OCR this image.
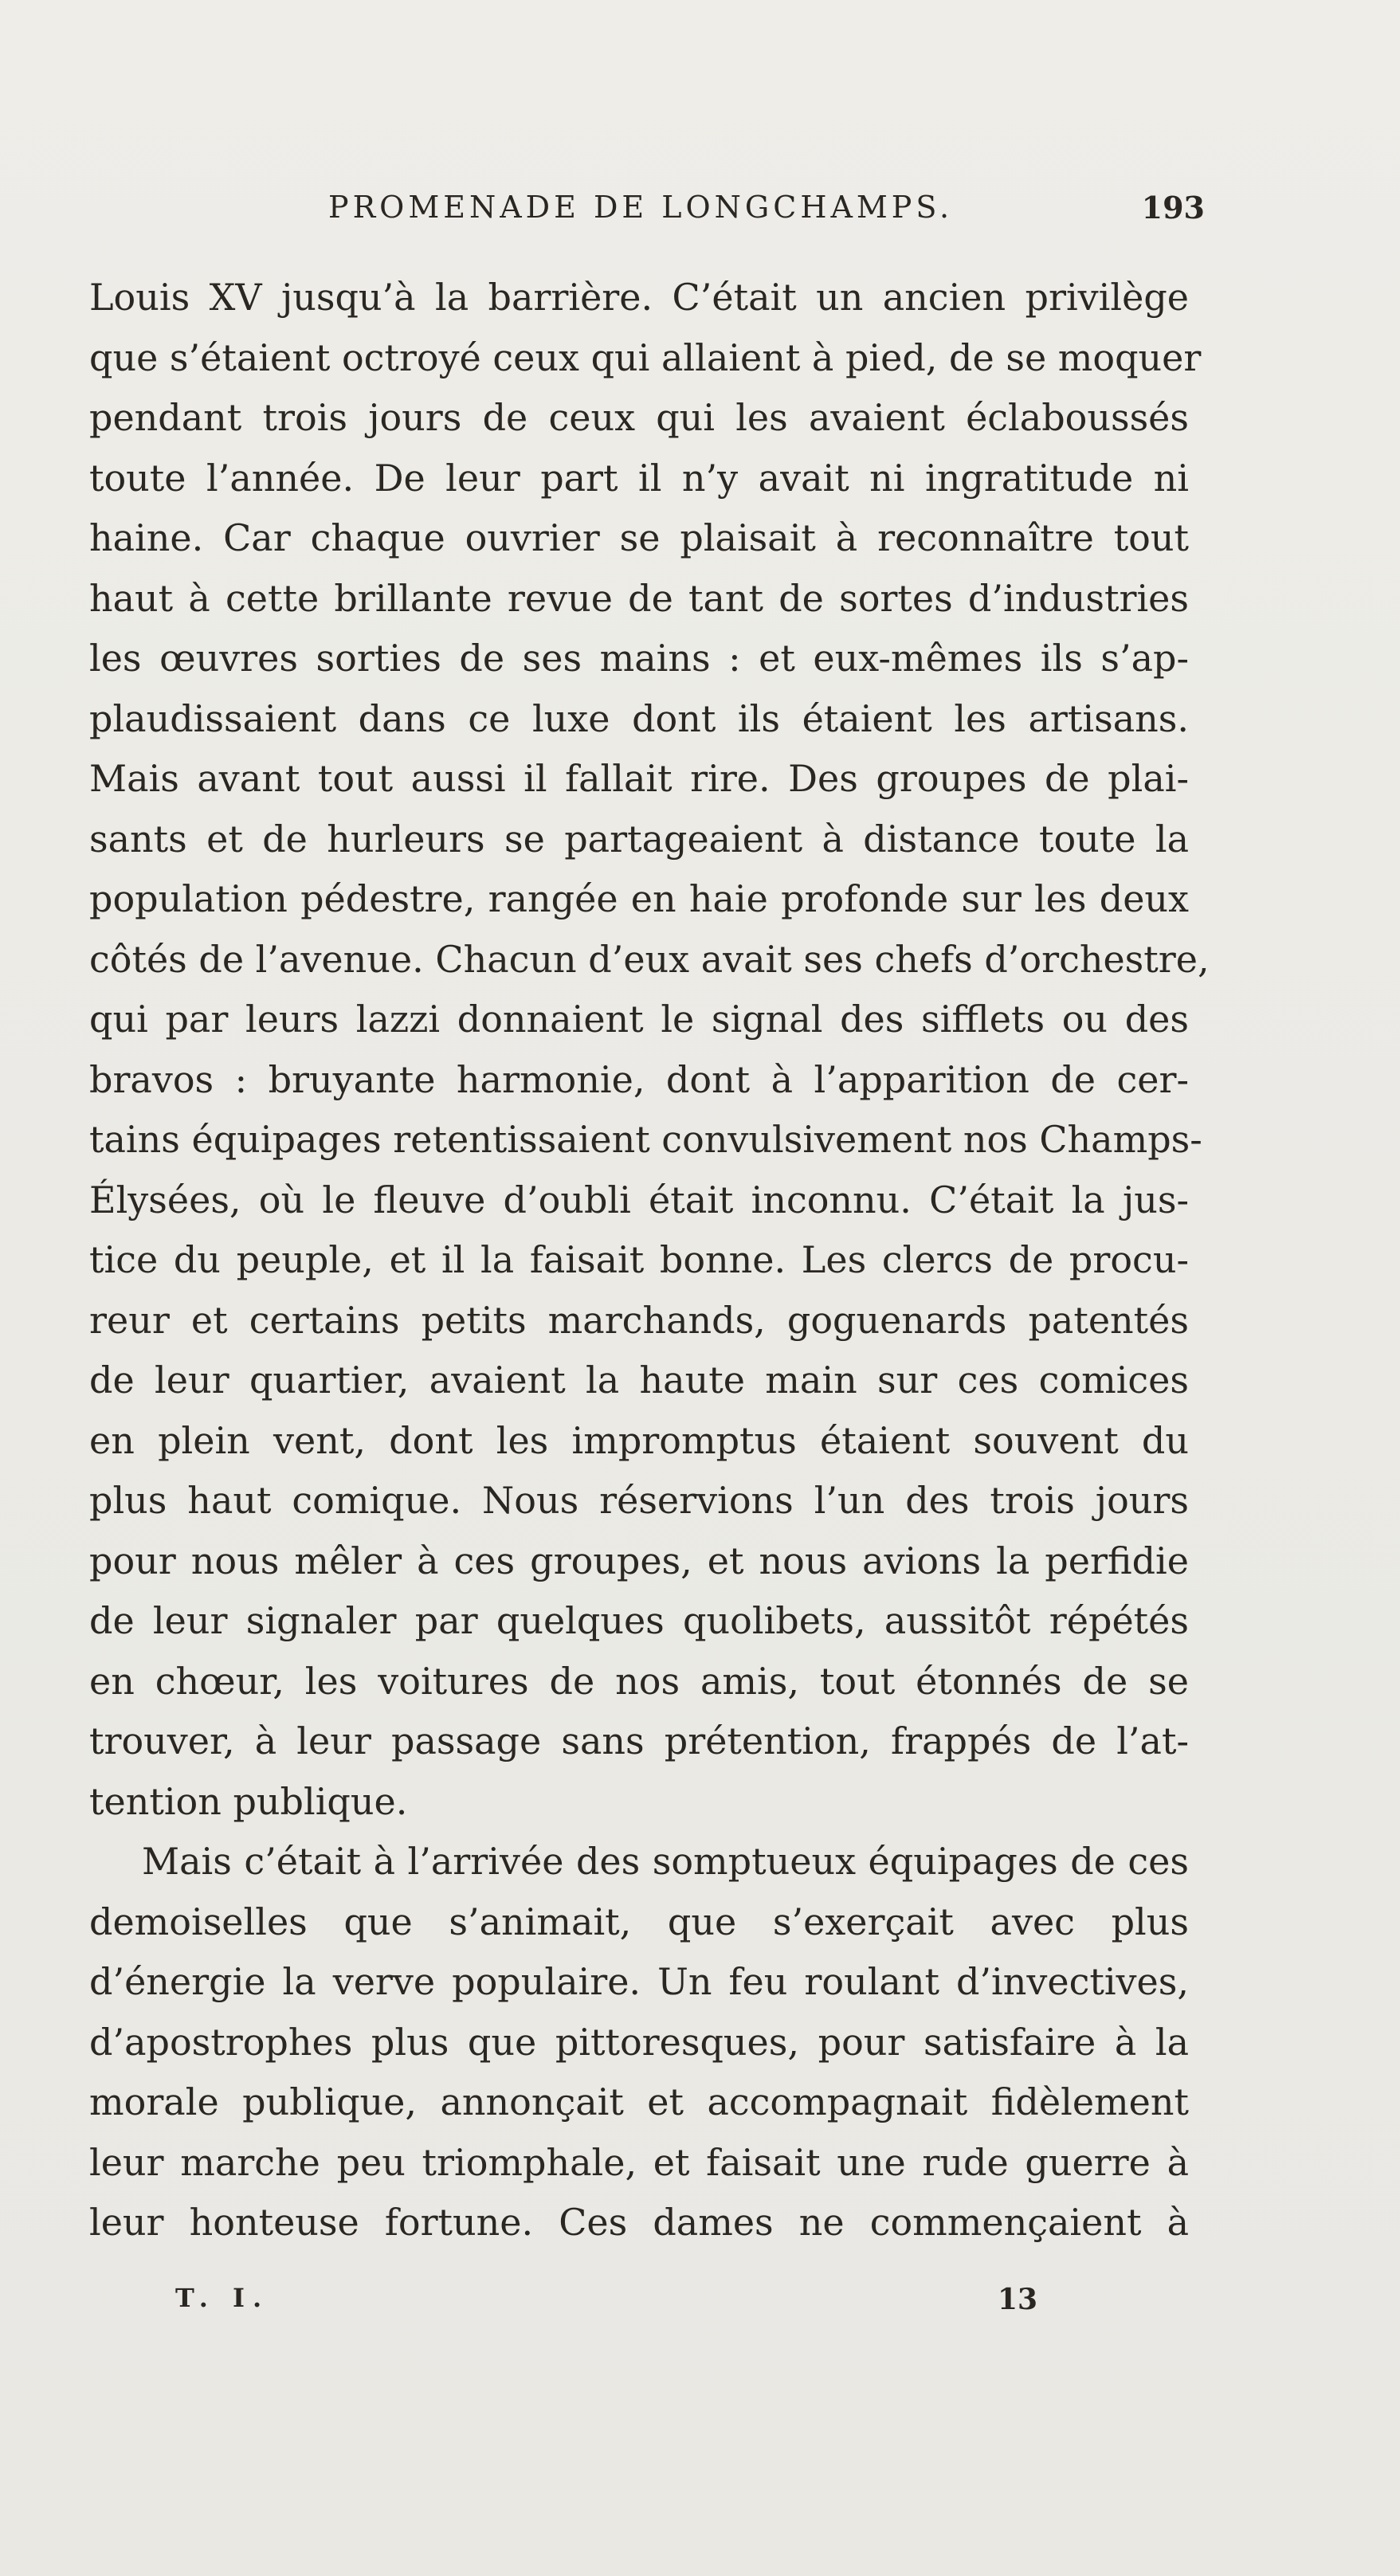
PROMENADE DE LONGCHAMPS.	193
Louis XV jusqu’à la barrière. C’était un ancien privilège
que s’étaient octroyé ceux qui allaient à pied, de se moquer
pendant trois jours de ceux qui les avaient éclaboussés
toute l’année. De leur part il n’y avait ni ingratitude ni
haine. Car chaque ouvrier se plaisait à reconnaître tout
haut à cette brillante revue de tant de sortes d’industries
les œuvres sorties de ses mains : et eux-mêmes ils s’ap-
plaudissaient dans ce luxe dont ils étaient les artisans.
Mais avant tout aussi il fallait rire. Des groupes de plai-
sants et de hurleurs se partageaient à distance toute la
population pédestre, rangée en haie profonde sur les deux
côtés de l’avenue. Chacun d’eux avait ses chefs d’orchestre,
qui par leurs lazzi donnaient le signal des sifflets ou des
bravos : bruyante harmonie, dont à l’apparition de cer-
tains équipages retentissaient convulsivement nos Champs-
Élysées, où le fleuve d’oubli était inconnu. C’était la jus-
tice du peuple, et il la faisait bonne. Les clercs de procu-
reur et certains petits marchands, goguenards patentés
de leur quartier, avaient la haute main sur ces comices
en plein vent, dont les impromptus étaient souvent du
plus haut comique. Nous réservions l’un des trois jours
pour nous mêler à ces groupes, et nous avions la perfidie
de leur signaler par quelques quolibets, aussitôt répétés
en chœur, les voitures de nos amis, tout étonnés de se
trouver, à leur passage sans prétention, frappés de l’at-
tention publique.
Mais c’était à l’arrivée des somptueux équipages de ces
demoiselles que s’animait, que s’exerçait avec plus
d’énergie la verve populaire. Un feu roulant d’invectives,
d’apostrophes plus que pittoresques, pour satisfaire à la
morale publique, annonçait et accompagnait fidèlement
leur marche peu triomphale, et faisait une rude guerre à
leur honteuse fortune. Ces dames ne commençaient à
T. I.	13
